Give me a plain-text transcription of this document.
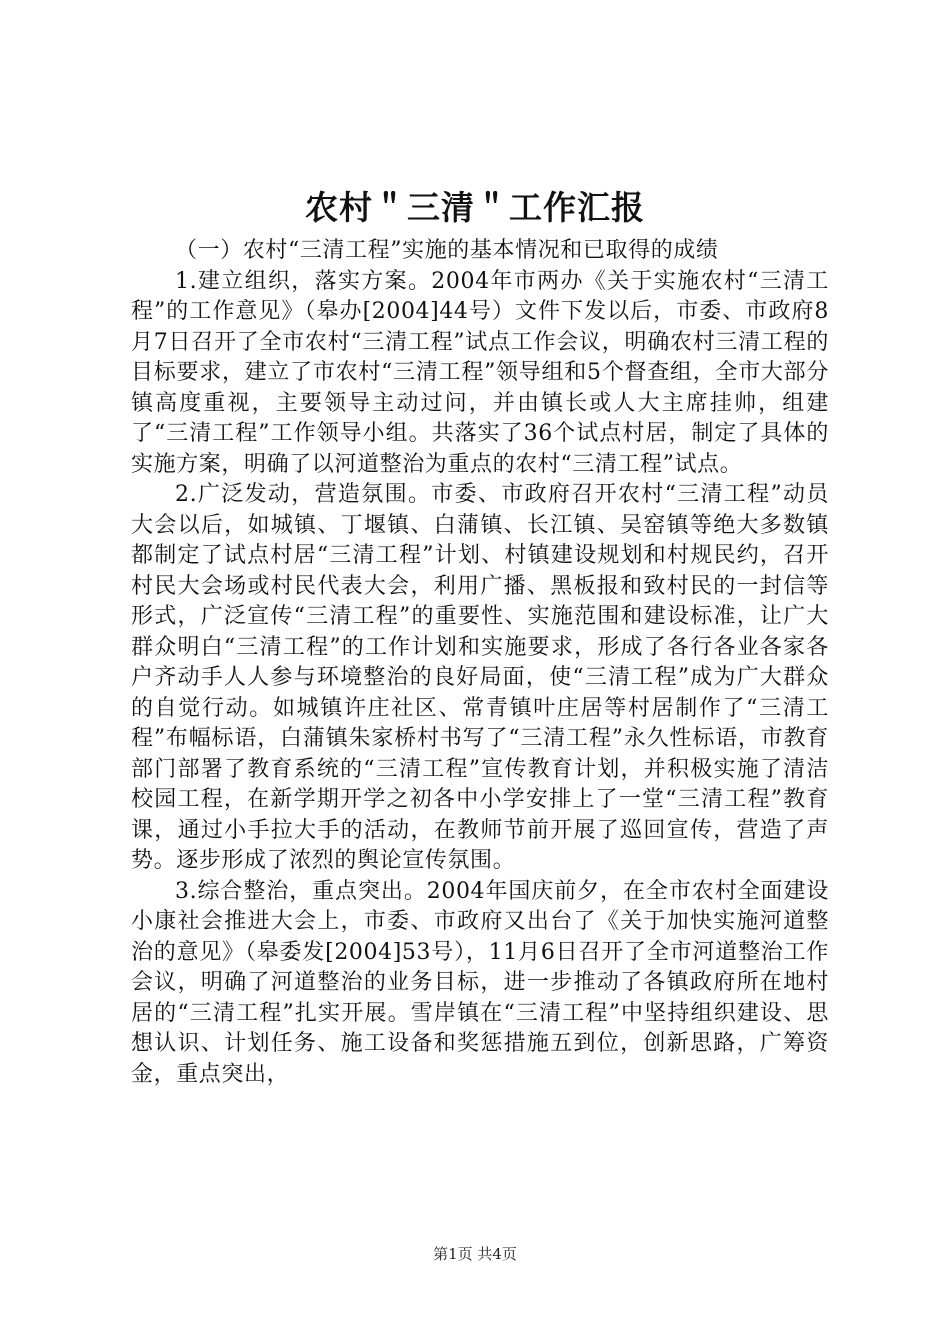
农村＂三清＂工作汇报

（一）农村“三清工程”实施的基本情况和已取得的成绩

1.建立组织，落实方案。2004年市两办《关于实施农村“三清工程”的工作意见》（皋办[2004]44号）文件下发以后，市委、市政府8月7日召开了全市农村“三清工程”试点工作会议，明确农村三清工程的目标要求，建立了市农村“三清工程”领导组和5个督查组，全市大部分镇高度重视，主要领导主动过问，并由镇长或人大主席挂帅，组建了“三清工程”工作领导小组。共落实了36个试点村居，制定了具体的实施方案，明确了以河道整治为重点的农村“三清工程”试点。

2.广泛发动，营造氛围。市委、市政府召开农村“三清工程”动员大会以后，如城镇、丁堰镇、白蒲镇、长江镇、吴窑镇等绝大多数镇都制定了试点村居“三清工程”计划、村镇建设规划和村规民约，召开村民大会场或村民代表大会，利用广播、黑板报和致村民的一封信等形式，广泛宣传“三清工程”的重要性、实施范围和建设标准，让广大群众明白“三清工程”的工作计划和实施要求，形成了各行各业各家各户齐动手人人参与环境整治的良好局面，使“三清工程”成为广大群众的自觉行动。如城镇许庄社区、常青镇叶庄居等村居制作了“三清工程”布幅标语，白蒲镇朱家桥村书写了“三清工程”永久性标语，市教育部门部署了教育系统的“三清工程”宣传教育计划，并积极实施了清洁校园工程，在新学期开学之初各中小学安排上了一堂“三清工程”教育课，通过小手拉大手的活动，在教师节前开展了巡回宣传，营造了声势。逐步形成了浓烈的舆论宣传氛围。

3.综合整治，重点突出。2004年国庆前夕，在全市农村全面建设小康社会推进大会上，市委、市政府又出台了《关于加快实施河道整治的意见》（皋委发[2004]53号），11月6日召开了全市河道整治工作会议，明确了河道整治的业务目标，进一步推动了各镇政府所在地村居的“三清工程”扎实开展。雪岸镇在“三清工程”中坚持组织建设、思想认识、计划任务、施工设备和奖惩措施五到位，创新思路，广筹资金，重点突出，

第1页 共4页
